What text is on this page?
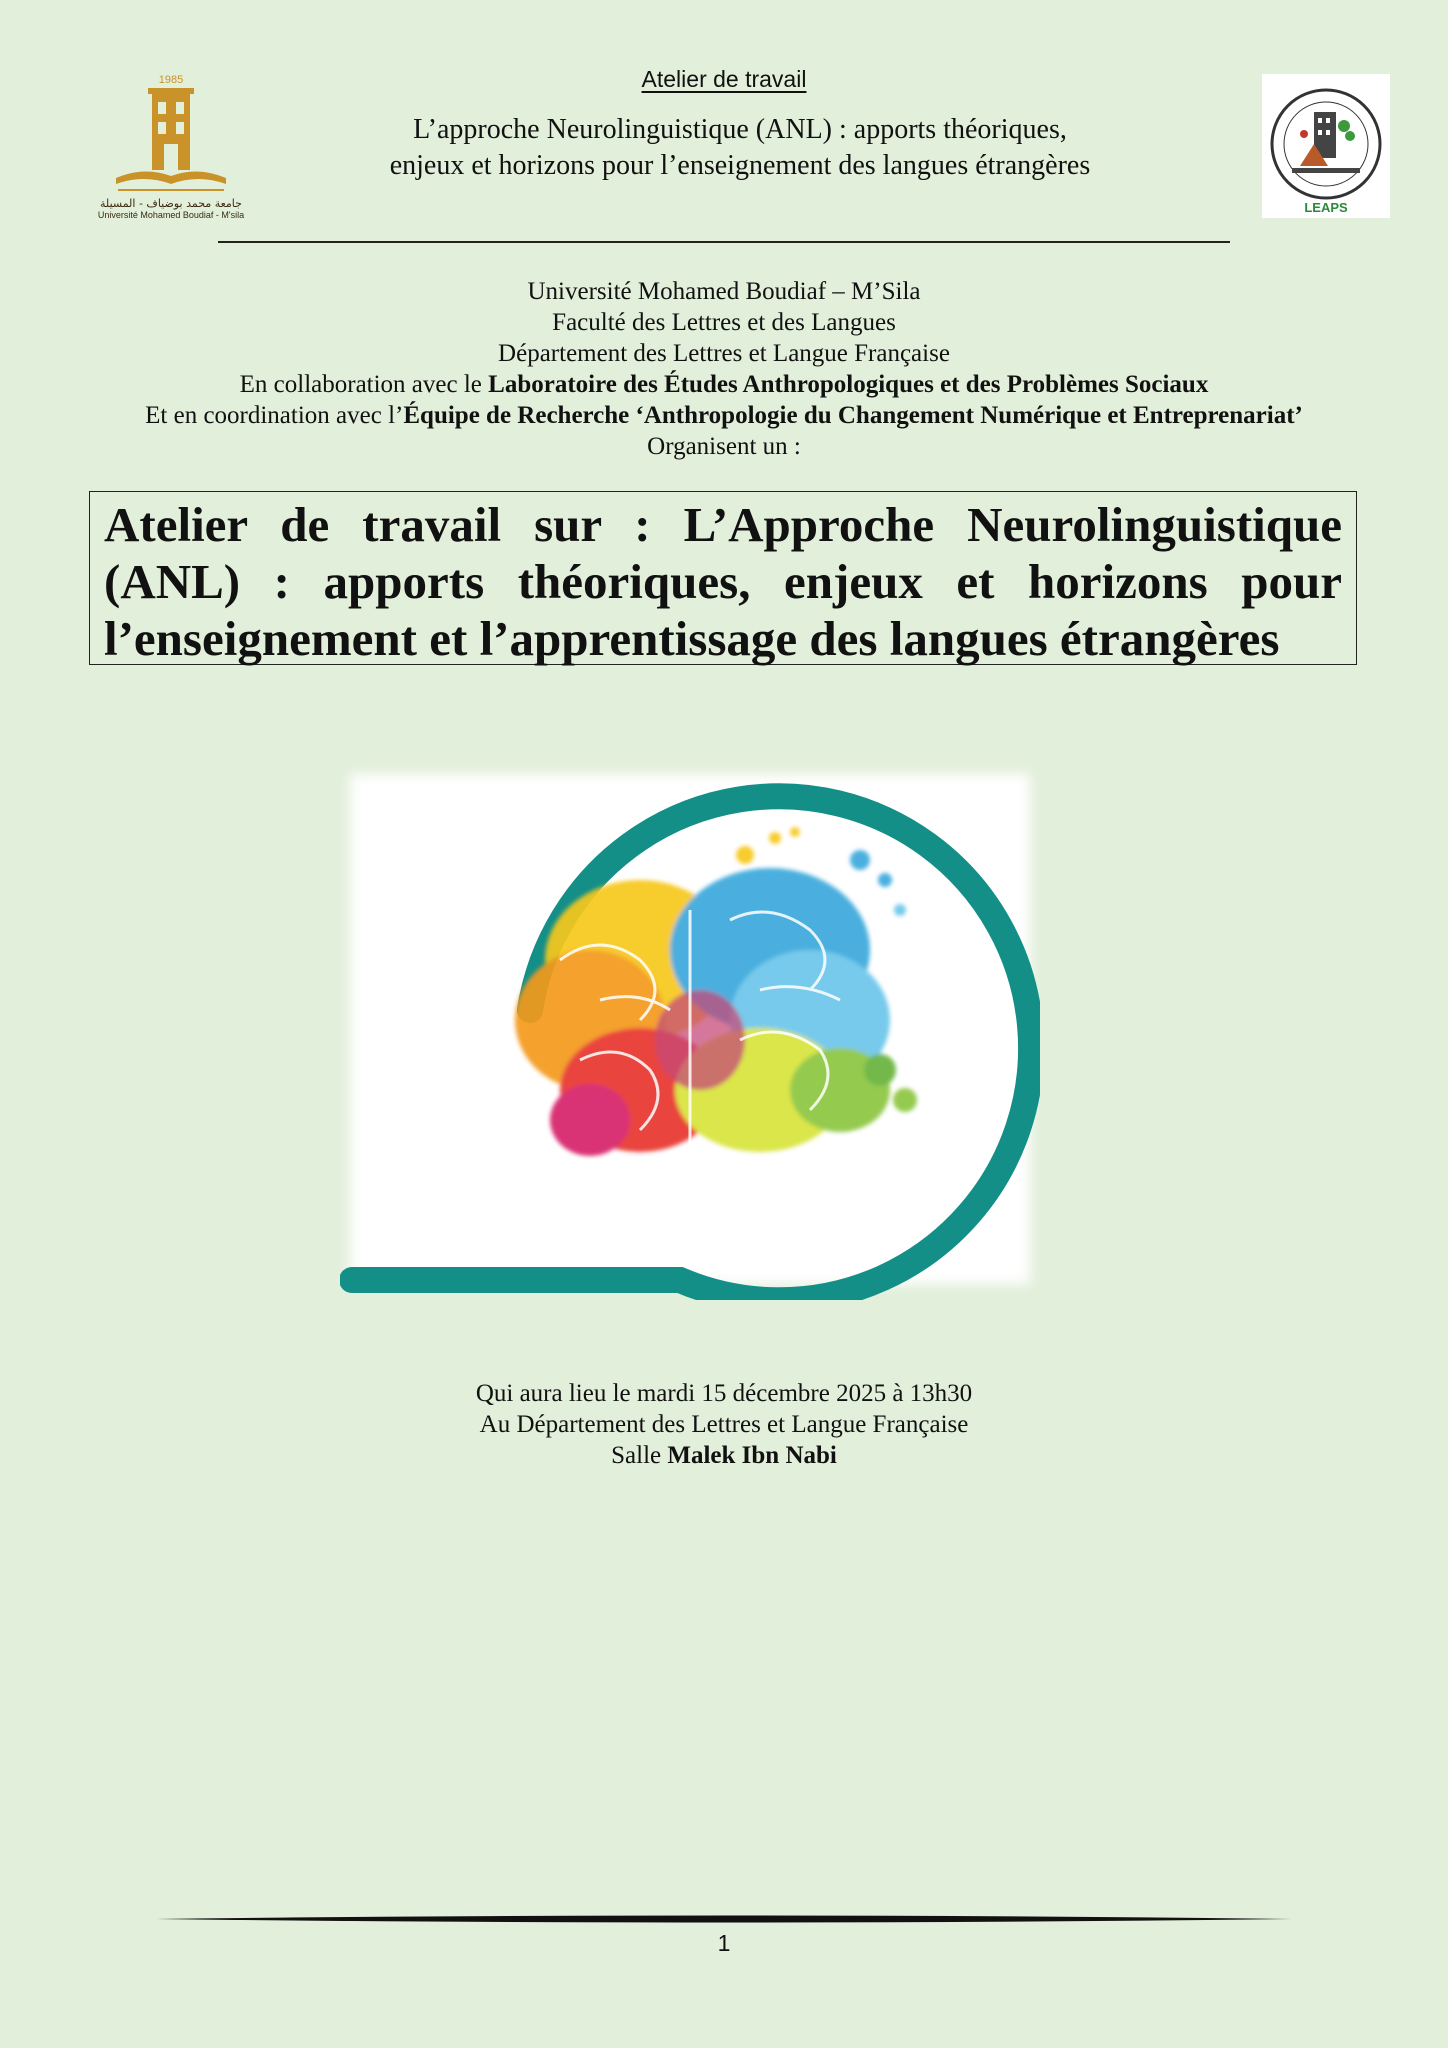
1985
جامعة محمد بوضياف - المسيلة
Université Mohamed Boudiaf - M'sila
Atelier de travail
L’approche Neurolinguistique (ANL) : apports théoriques,
enjeux et horizons pour l’enseignement des langues étrangères
LEAPS
Université Mohamed Boudiaf – M’Sila
Faculté des Lettres et des Langues
Département des Lettres et Langue Française
En collaboration avec le Laboratoire des Études Anthropologiques et des Problèmes Sociaux
Et en coordination avec l’Équipe de Recherche ‘Anthropologie du Changement Numérique et Entreprenariat’
Organisent un :

Atelier de travail sur : L’Approche Neurolinguistique (ANL) : apports théoriques, enjeux et horizons pour l’enseignement et l’apprentissage des langues étrangères

Qui aura lieu le mardi 15 décembre 2025 à 13h30
Au Département des Lettres et Langue Française
Salle Malek Ibn Nabi
1
